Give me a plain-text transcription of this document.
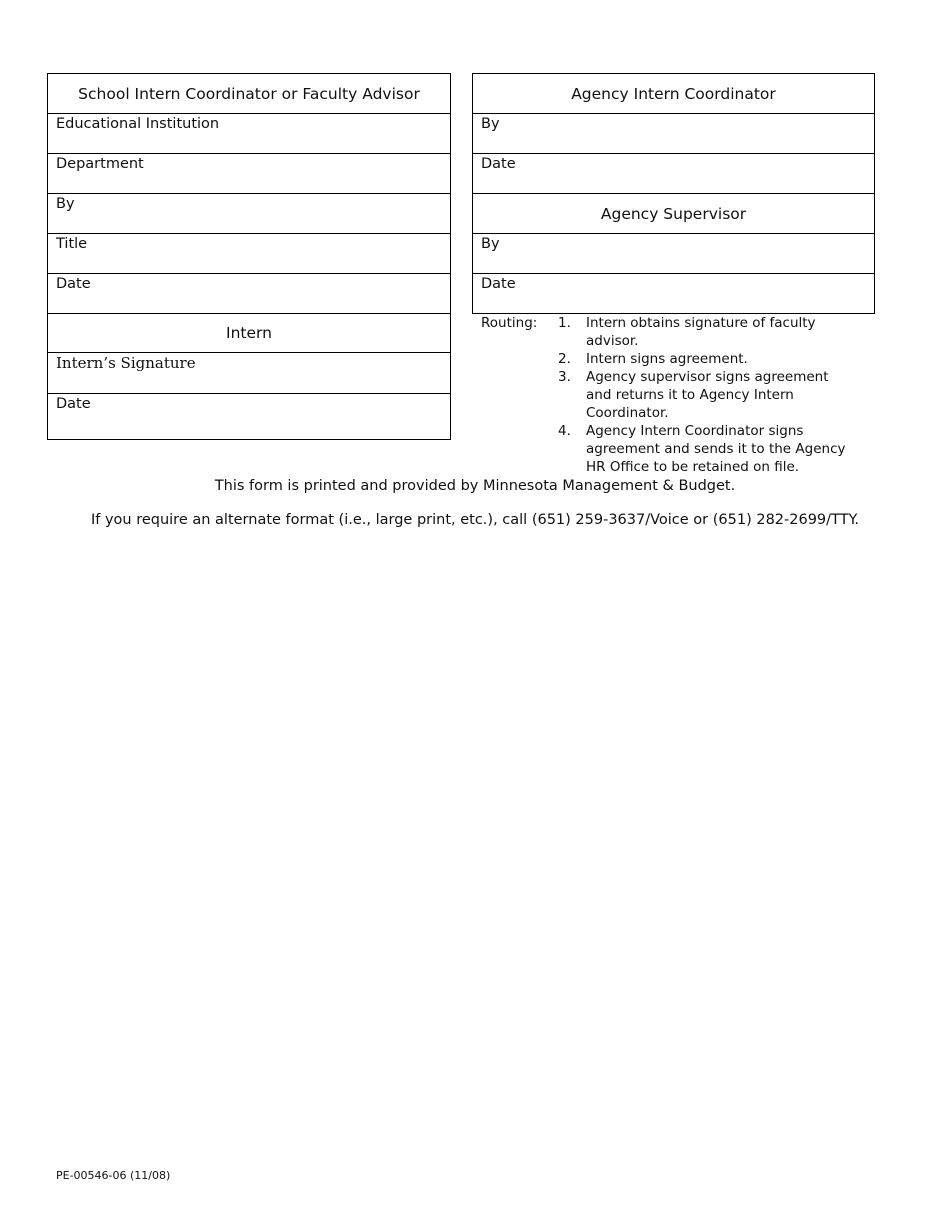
School Intern Coordinator or Faculty Advisor
Educational Institution
Department
By
Title
Date
Intern
Intern’s Signature
Date
Agency Intern Coordinator
By
Date
Agency Supervisor
By
Date
Routing: 1. Intern obtains signature of faculty advisor.
2. Intern signs agreement.
3. Agency supervisor signs agreement and returns it to Agency Intern Coordinator.
4. Agency Intern Coordinator signs agreement and sends it to the Agency HR Office to be retained on file.
This form is printed and provided by Minnesota Management & Budget.
If you require an alternate format (i.e., large print, etc.), call (651) 259-3637/Voice or (651) 282-2699/TTY.
PE-00546-06 (11/08)
